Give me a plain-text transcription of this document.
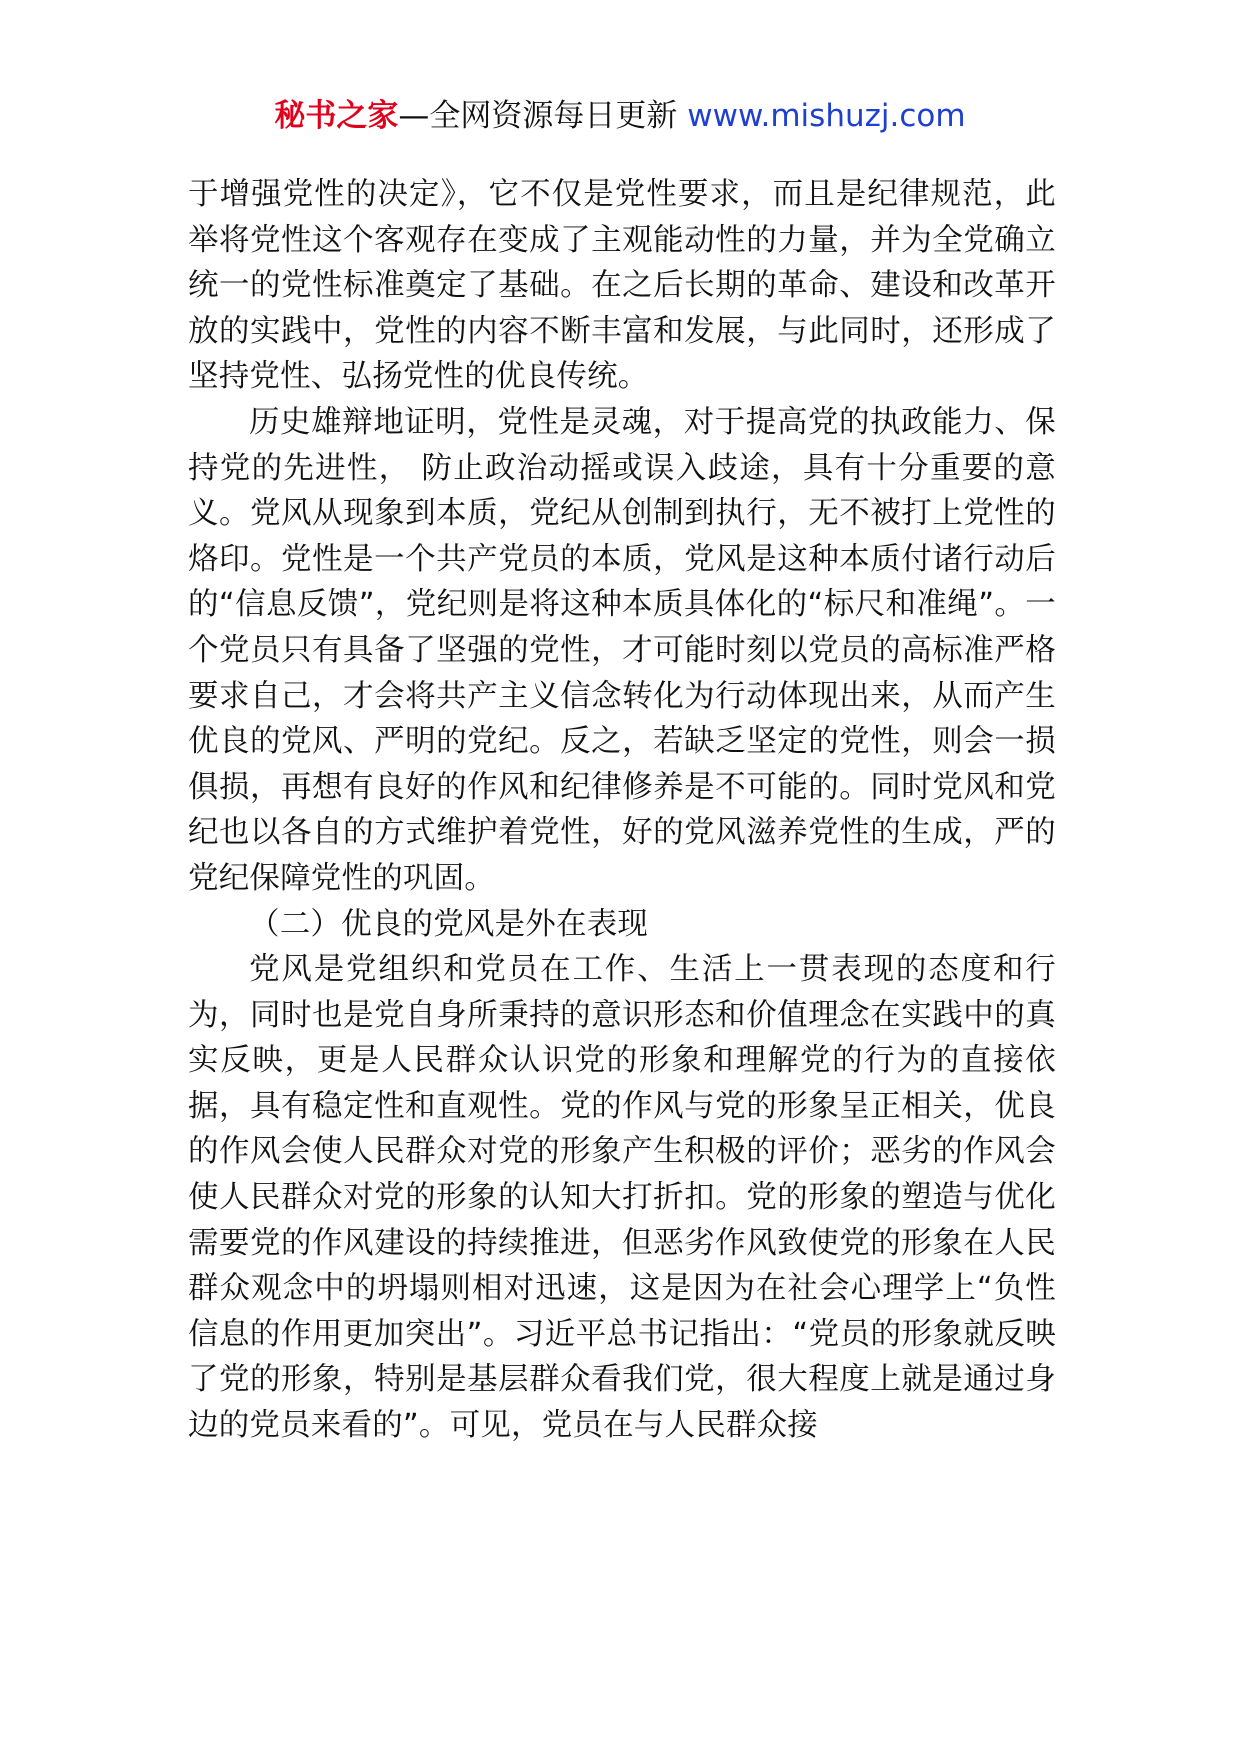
秘书之家—全网资源每日更新 www.mishuzj.com

于增强党性的决定》，它不仅是党性要求，而且是纪律规范，此举将党性这个客观存在变成了主观能动性的力量，并为全党确立统一的党性标准奠定了基础。在之后长期的革命、建设和改革开放的实践中，党性的内容不断丰富和发展，与此同时，还形成了坚持党性、弘扬党性的优良传统。

历史雄辩地证明，党性是灵魂，对于提高党的执政能力、保持党的先进性， 防止政治动摇或误入歧途，具有十分重要的意义。党风从现象到本质，党纪从创制到执行，无不被打上党性的烙印。党性是一个共产党员的本质，党风是这种本质付诸行动后的“信息反馈”，党纪则是将这种本质具体化的“标尺和准绳”。一个党员只有具备了坚强的党性，才可能时刻以党员的高标准严格要求自己，才会将共产主义信念转化为行动体现出来，从而产生优良的党风、严明的党纪。反之，若缺乏坚定的党性，则会一损俱损，再想有良好的作风和纪律修养是不可能的。同时党风和党纪也以各自的方式维护着党性，好的党风滋养党性的生成，严的党纪保障党性的巩固。

（二）优良的党风是外在表现

党风是党组织和党员在工作、生活上一贯表现的态度和行为，同时也是党自身所秉持的意识形态和价值理念在实践中的真实反映，更是人民群众认识党的形象和理解党的行为的直接依据，具有稳定性和直观性。党的作风与党的形象呈正相关，优良的作风会使人民群众对党的形象产生积极的评价；恶劣的作风会使人民群众对党的形象的认知大打折扣。党的形象的塑造与优化需要党的作风建设的持续推进，但恶劣作风致使党的形象在人民群众观念中的坍塌则相对迅速，这是因为在社会心理学上“负性信息的作用更加突出”。习近平总书记指出：“党员的形象就反映了党的形象，特别是基层群众看我们党，很大程度上就是通过身边的党员来看的”。可见，党员在与人民群众接
